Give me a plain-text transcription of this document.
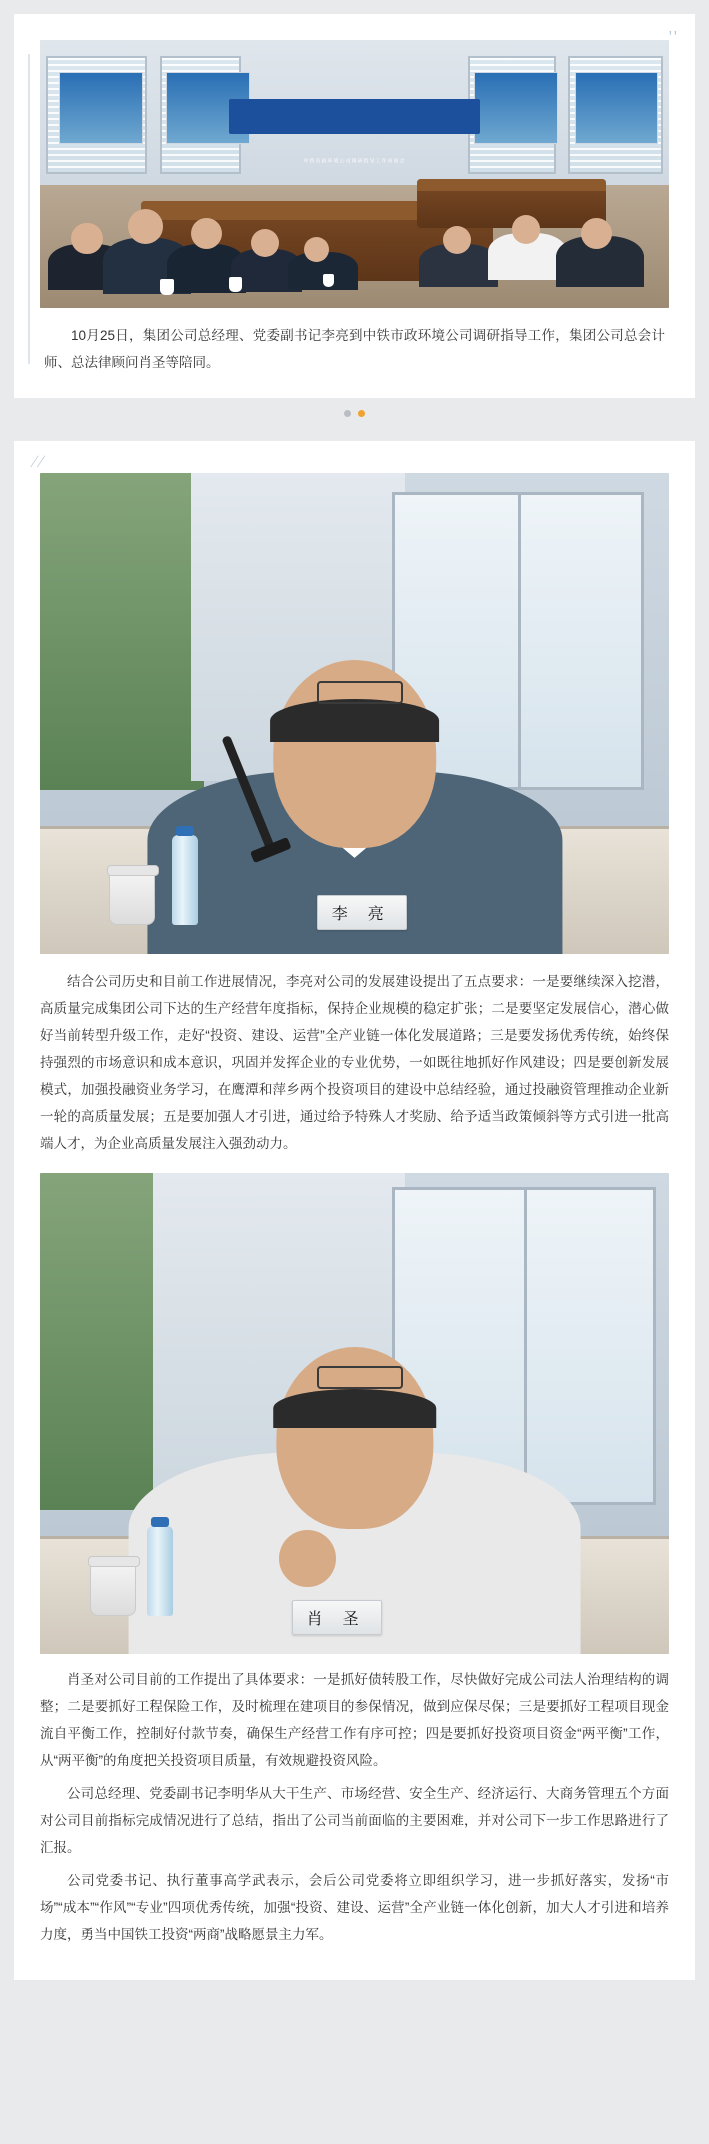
''
中铁市政环境公司调研指导工作座谈会
10月25日，集团公司总经理、党委副书记李亮到中铁市政环境公司调研指导工作，集团公司总会计师、总法律顾问肖圣等陪同。
//
李 亮
结合公司历史和目前工作进展情况，李亮对公司的发展建设提出了五点要求：一是要继续深入挖潜，高质量完成集团公司下达的生产经营年度指标，保持企业规模的稳定扩张；二是要坚定发展信心，潜心做好当前转型升级工作，走好“投资、建设、运营”全产业链一体化发展道路；三是要发扬优秀传统，始终保持强烈的市场意识和成本意识，巩固并发挥企业的专业优势，一如既往地抓好作风建设；四是要创新发展模式，加强投融资业务学习，在鹰潭和萍乡两个投资项目的建设中总结经验，通过投融资管理推动企业新一轮的高质量发展；五是要加强人才引进，通过给予特殊人才奖励、给予适当政策倾斜等方式引进一批高端人才，为企业高质量发展注入强劲动力。
肖 圣
肖圣对公司目前的工作提出了具体要求：一是抓好债转股工作，尽快做好完成公司法人治理结构的调整；二是要抓好工程保险工作，及时梳理在建项目的参保情况，做到应保尽保；三是要抓好工程项目现金流自平衡工作，控制好付款节奏，确保生产经营工作有序可控；四是要抓好投资项目资金“两平衡”工作，从“两平衡”的角度把关投资项目质量，有效规避投资风险。
公司总经理、党委副书记李明华从大干生产、市场经营、安全生产、经济运行、大商务管理五个方面对公司目前指标完成情况进行了总结，指出了公司当前面临的主要困难，并对公司下一步工作思路进行了汇报。
公司党委书记、执行董事高学武表示，会后公司党委将立即组织学习，进一步抓好落实，发扬“市场”“成本”“作风”“专业”四项优秀传统，加强“投资、建设、运营”全产业链一体化创新，加大人才引进和培养力度，勇当中国铁工投资“两商”战略愿景主力军。
